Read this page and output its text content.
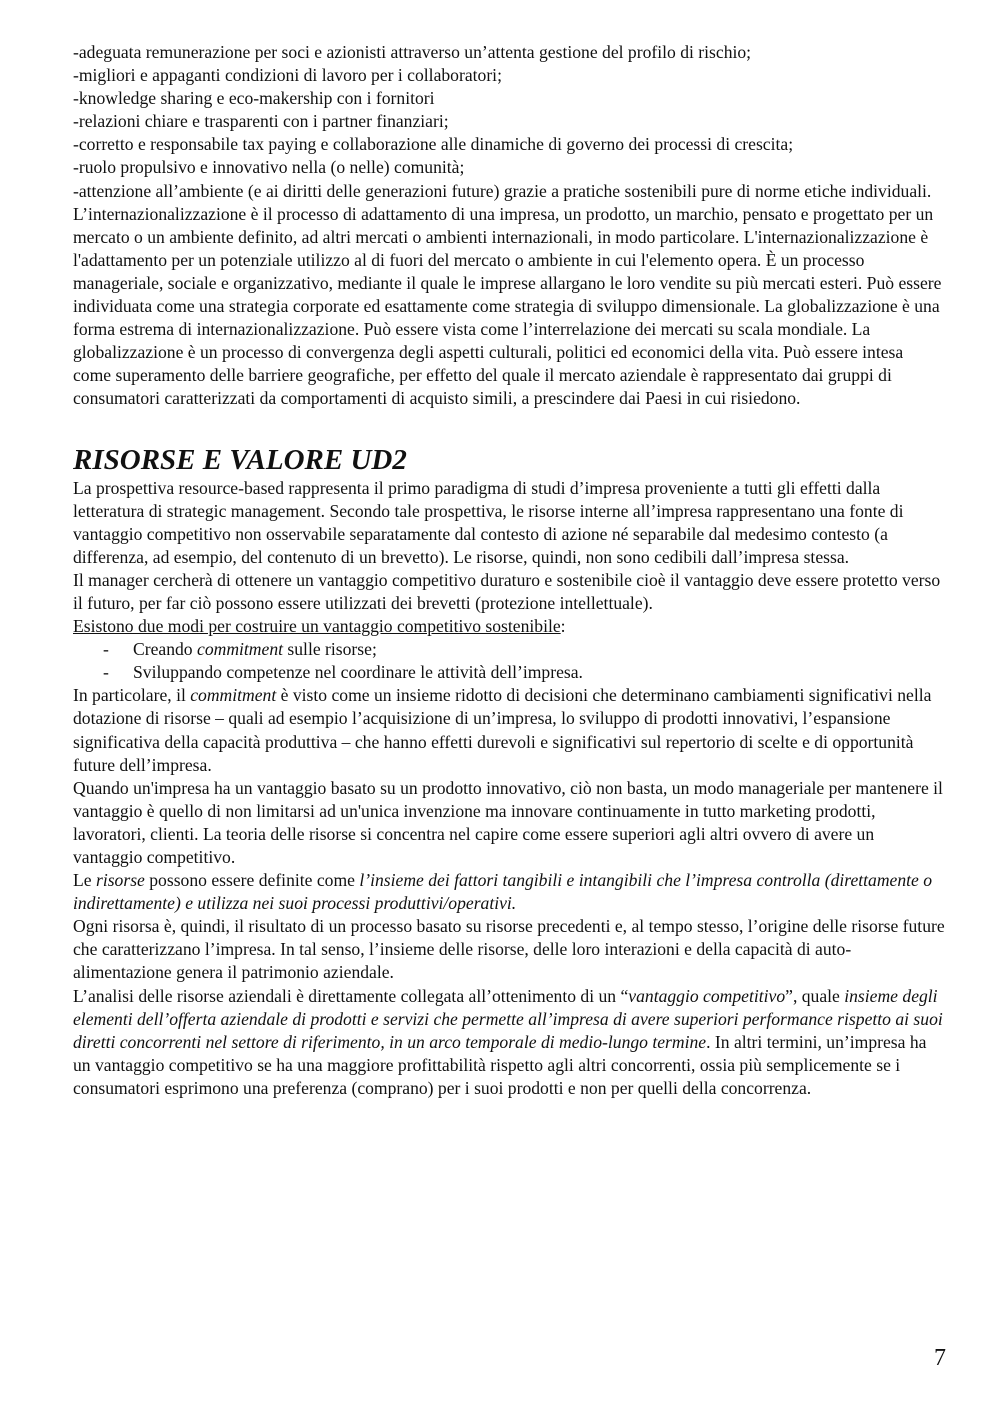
-adeguata remunerazione per soci e azionisti attraverso un’attenta gestione del profilo di rischio;

-migliori e appaganti condizioni di lavoro per i collaboratori;

-knowledge sharing e eco-makership con i fornitori

-relazioni chiare e trasparenti con i partner finanziari;

-corretto e responsabile tax paying e collaborazione alle dinamiche di governo dei processi di crescita;

-ruolo propulsivo e innovativo nella (o nelle) comunità;

-attenzione all’ambiente (e ai diritti delle generazioni future) grazie a pratiche sostenibili pure di norme etiche individuali.

L’internazionalizzazione è il processo di adattamento di una impresa, un prodotto, un marchio, pensato e progettato per un mercato o un ambiente definito, ad altri mercati o ambienti internazionali, in modo particolare. L'internazionalizzazione è l'adattamento per un potenziale utilizzo al di fuori del mercato o ambiente in cui l'elemento opera. È un processo manageriale, sociale e organizzativo, mediante il quale le imprese allargano le loro vendite su più mercati esteri. Può essere individuata come una strategia corporate ed esattamente come strategia di sviluppo dimensionale. La globalizzazione è una forma estrema di internazionalizzazione. Può essere vista come l’interrelazione dei mercati su scala mondiale. La globalizzazione è un processo di convergenza degli aspetti culturali, politici ed economici della vita. Può essere intesa come superamento delle barriere geografiche, per effetto del quale il mercato aziendale è rappresentato dai gruppi di consumatori caratterizzati da comportamenti di acquisto simili, a prescindere dai Paesi in cui risiedono.

RISORSE E VALORE UD2

La prospettiva resource-based rappresenta il primo paradigma di studi d’impresa proveniente a tutti gli effetti dalla letteratura di strategic management. Secondo tale prospettiva, le risorse interne all’impresa rappresentano una fonte di vantaggio competitivo non osservabile separatamente dal contesto di azione né separabile dal medesimo contesto (a differenza, ad esempio, del contenuto di un brevetto). Le risorse, quindi, non sono cedibili dall’impresa stessa.

Il manager cercherà di ottenere un vantaggio competitivo duraturo e sostenibile cioè il vantaggio deve essere protetto verso il futuro, per far ciò possono essere utilizzati dei brevetti (protezione intellettuale).

Esistono due modi per costruire un vantaggio competitivo sostenibile:

- Creando commitment sulle risorse;
- Sviluppando competenze nel coordinare le attività dell’impresa.

In particolare, il commitment è visto come un insieme ridotto di decisioni che determinano cambiamenti significativi nella dotazione di risorse – quali ad esempio l’acquisizione di un’impresa, lo sviluppo di prodotti innovativi, l’espansione significativa della capacità produttiva – che hanno effetti durevoli e significativi sul repertorio di scelte e di opportunità future dell’impresa.

Quando un'impresa ha un vantaggio basato su un prodotto innovativo, ciò non basta, un modo manageriale per mantenere il vantaggio è quello di non limitarsi ad un'unica invenzione ma innovare continuamente in tutto marketing prodotti, lavoratori, clienti. La teoria delle risorse si concentra nel capire come essere superiori agli altri ovvero di avere un vantaggio competitivo.

Le risorse possono essere definite come l’insieme dei fattori tangibili e intangibili che l’impresa controlla (direttamente o indirettamente) e utilizza nei suoi processi produttivi/operativi.

Ogni risorsa è, quindi, il risultato di un processo basato su risorse precedenti e, al tempo stesso, l’origine delle risorse future che caratterizzano l’impresa. In tal senso, l’insieme delle risorse, delle loro interazioni e della capacità di auto-alimentazione genera il patrimonio aziendale.

L’analisi delle risorse aziendali è direttamente collegata all’ottenimento di un “vantaggio competitivo”, quale insieme degli elementi dell’offerta aziendale di prodotti e servizi che permette all’impresa di avere superiori performance rispetto ai suoi diretti concorrenti nel settore di riferimento, in un arco temporale di medio-lungo termine. In altri termini, un’impresa ha un vantaggio competitivo se ha una maggiore profittabilità rispetto agli altri concorrenti, ossia più semplicemente se i consumatori esprimono una preferenza (comprano) per i suoi prodotti e non per quelli della concorrenza.

7
